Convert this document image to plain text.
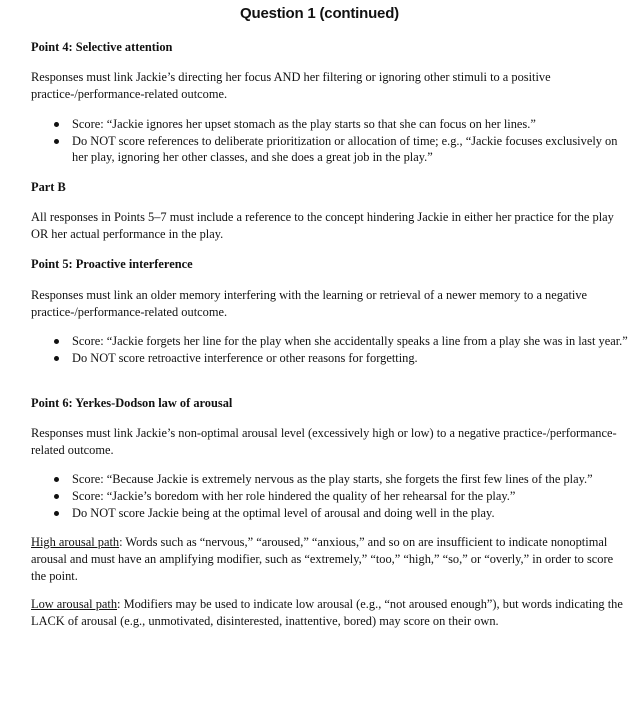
Question 1 (continued)
Point 4: Selective attention
Responses must link Jackie’s directing her focus AND her filtering or ignoring other stimuli to a positive practice-/performance-related outcome.
Score: “Jackie ignores her upset stomach as the play starts so that she can focus on her lines.”
Do NOT score references to deliberate prioritization or allocation of time; e.g., “Jackie focuses exclusively on her play, ignoring her other classes, and she does a great job in the play.”
Part B
All responses in Points 5–7 must include a reference to the concept hindering Jackie in either her practice for the play OR her actual performance in the play.
Point 5: Proactive interference
Responses must link an older memory interfering with the learning or retrieval of a newer memory to a negative practice-/performance-related outcome.
Score: “Jackie forgets her line for the play when she accidentally speaks a line from a play she was in last year.”
Do NOT score retroactive interference or other reasons for forgetting.
Point 6: Yerkes-Dodson law of arousal
Responses must link Jackie’s non-optimal arousal level (excessively high or low) to a negative practice-/performance-related outcome.
Score: “Because Jackie is extremely nervous as the play starts, she forgets the first few lines of the play.”
Score: “Jackie’s boredom with her role hindered the quality of her rehearsal for the play.”
Do NOT score Jackie being at the optimal level of arousal and doing well in the play.
High arousal path: Words such as “nervous,” “aroused,” “anxious,” and so on are insufficient to indicate nonoptimal arousal and must have an amplifying modifier, such as “extremely,” “too,” “high,” “so,” or “overly,” in order to score the point.
Low arousal path: Modifiers may be used to indicate low arousal (e.g., “not aroused enough”), but words indicating the LACK of arousal (e.g., unmotivated, disinterested, inattentive, bored) may score on their own.
